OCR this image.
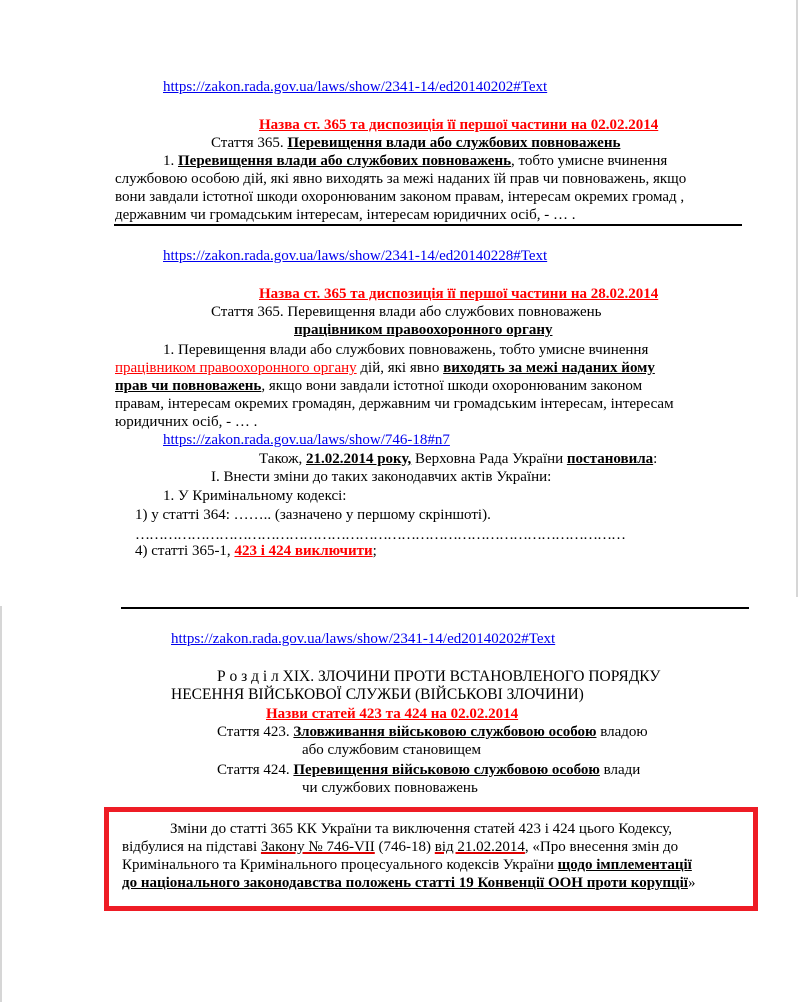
https://zakon.rada.gov.ua/laws/show/2341-14/ed20140202#Text
Назва ст. 365 та диспозиція її першої частини на 02.02.2014
Стаття 365. Перевищення влади або службових повноважень
1. Перевищення влади або службових повноважень, тобто умисне вчинення
службовою особою дій, які явно виходять за межі наданих їй прав чи повноважень, якщо
вони завдали істотної шкоди охоронюваним законом правам, інтересам окремих громад ,
державним чи громадським інтересам, інтересам юридичних осіб, - … .
https://zakon.rada.gov.ua/laws/show/2341-14/ed20140228#Text
Назва ст. 365 та диспозиція її першої частини на 28.02.2014
Стаття 365. Перевищення влади або службових повноважень
працівником правоохоронного органу
1. Перевищення влади або службових повноважень, тобто умисне вчинення
працівником правоохоронного органу дій, які явно виходять за межі наданих йому
прав чи повноважень, якщо вони завдали істотної шкоди охоронюваним законом
правам, інтересам окремих громадян, державним чи громадським інтересам, інтересам
юридичних осіб, - … .
https://zakon.rada.gov.ua/laws/show/746-18#n7
Також, 21.02.2014 року, Верховна Рада України постановила:
І. Внести зміни до таких законодавчих актів України:
1. У Кримінальному кодексі:
1) у статті 364: …….. (зазначено у першому скріншоті).
……………………………………………………………………………………………
4) статті 365-1, 423 і 424 виключити;
https://zakon.rada.gov.ua/laws/show/2341-14/ed20140202#Text
Р о з д і л XIX. ЗЛОЧИНИ ПРОТИ ВСТАНОВЛЕНОГО ПОРЯДКУ
НЕСЕННЯ ВІЙСЬКОВОЇ СЛУЖБИ (ВІЙСЬКОВІ ЗЛОЧИНИ)
Назви статей 423 та 424 на 02.02.2014
Стаття 423. Зловживання військовою службовою особою владою
або службовим становищем
Стаття 424. Перевищення військовою службовою особою влади
чи службових повноважень
Зміни до статті 365 КК України та виключення статей 423 і 424 цього Кодексу,
відбулися на підставі Закону № 746-VII (746-18) від 21.02.2014, «Про внесення змін до
Кримінального та Кримінального процесуального кодексів України щодо імплементації
до національного законодавства положень статті 19 Конвенції ООН проти корупції»
